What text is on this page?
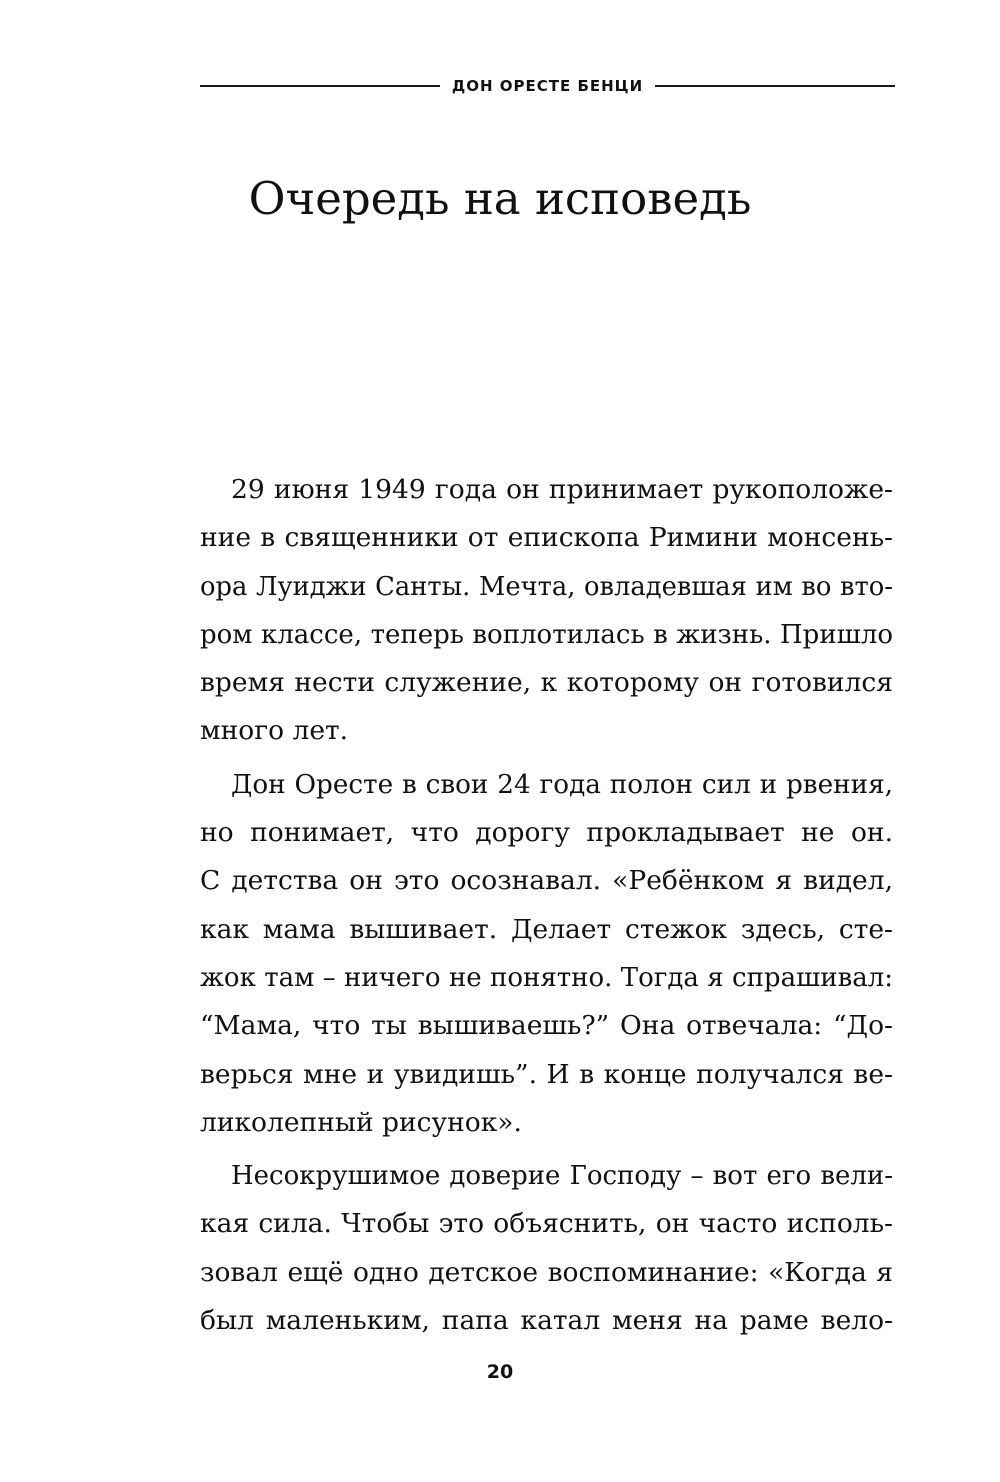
ДОН ОРЕСТЕ БЕНЦИ
Очередь на исповедь
29 июня 1949 года он принимает рукоположе-
ние в священники от епископа Римини монсень-
ора Луиджи Санты. Мечта, овладевшая им во вто-
ром классе, теперь воплотилась в жизнь. Пришло
время нести служение, к которому он готовился
много лет.
Дон Оресте в свои 24 года полон сил и рвения,
но понимает, что дорогу прокладывает не он.
С детства он это осознавал. «Ребёнком я видел,
как мама вышивает. Делает стежок здесь, сте-
жок там – ничего не понятно. Тогда я спрашивал:
“Мама, что ты вышиваешь?” Она отвечала: “До-
верься мне и увидишь”. И в конце получался ве-
ликолепный рисунок».
Несокрушимое доверие Господу – вот его вели-
кая сила. Чтобы это объяснить, он часто исполь-
зовал ещё одно детское воспоминание: «Когда я
был маленьким, папа катал меня на раме вело-
20
